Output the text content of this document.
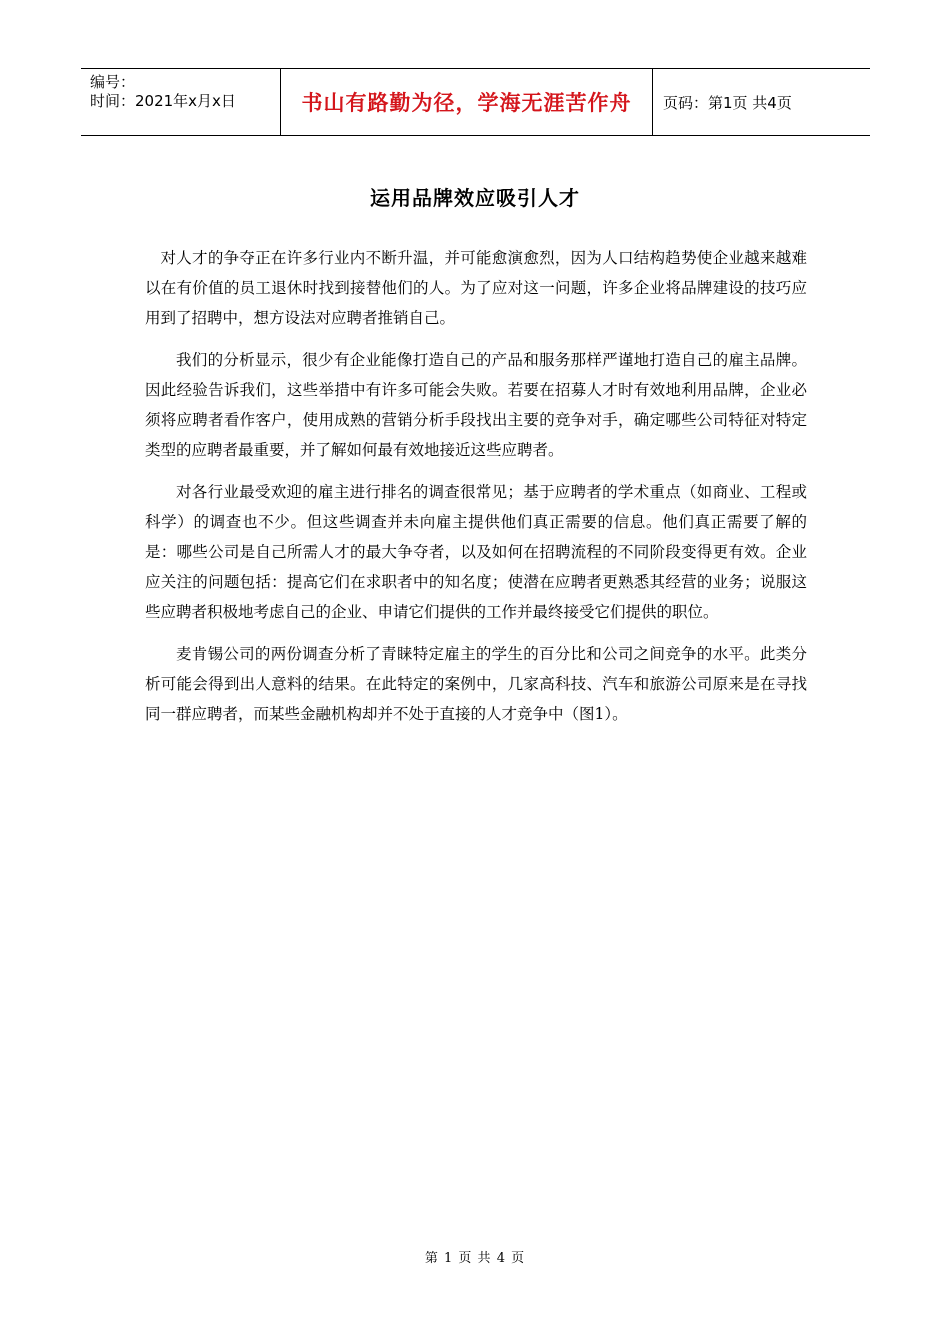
编号：
时间：2021年x月x日	书山有路勤为径，学海无涯苦作舟	页码：第1页 共4页
运用品牌效应吸引人才

对人才的争夺正在许多行业内不断升温，并可能愈演愈烈，因为人口结构趋势使企业越来越难以在有价值的员工退休时找到接替他们的人。为了应对这一问题，许多企业将品牌建设的技巧应用到了招聘中，想方设法对应聘者推销自己。

我们的分析显示，很少有企业能像打造自己的产品和服务那样严谨地打造自己的雇主品牌。因此经验告诉我们，这些举措中有许多可能会失败。若要在招募人才时有效地利用品牌，企业必须将应聘者看作客户，使用成熟的营销分析手段找出主要的竞争对手，确定哪些公司特征对特定类型的应聘者最重要，并了解如何最有效地接近这些应聘者。

对各行业最受欢迎的雇主进行排名的调查很常见；基于应聘者的学术重点（如商业、工程或科学）的调查也不少。但这些调查并未向雇主提供他们真正需要的信息。他们真正需要了解的是：哪些公司是自己所需人才的最大争夺者，以及如何在招聘流程的不同阶段变得更有效。企业应关注的问题包括：提高它们在求职者中的知名度；使潜在应聘者更熟悉其经营的业务；说服这些应聘者积极地考虑自己的企业、申请它们提供的工作并最终接受它们提供的职位。

麦肯锡公司的两份调查分析了青睐特定雇主的学生的百分比和公司之间竞争的水平。此类分析可能会得到出人意料的结果。在此特定的案例中，几家高科技、汽车和旅游公司原来是在寻找同一群应聘者，而某些金融机构却并不处于直接的人才竞争中（图1）。

第 1 页 共 4 页
